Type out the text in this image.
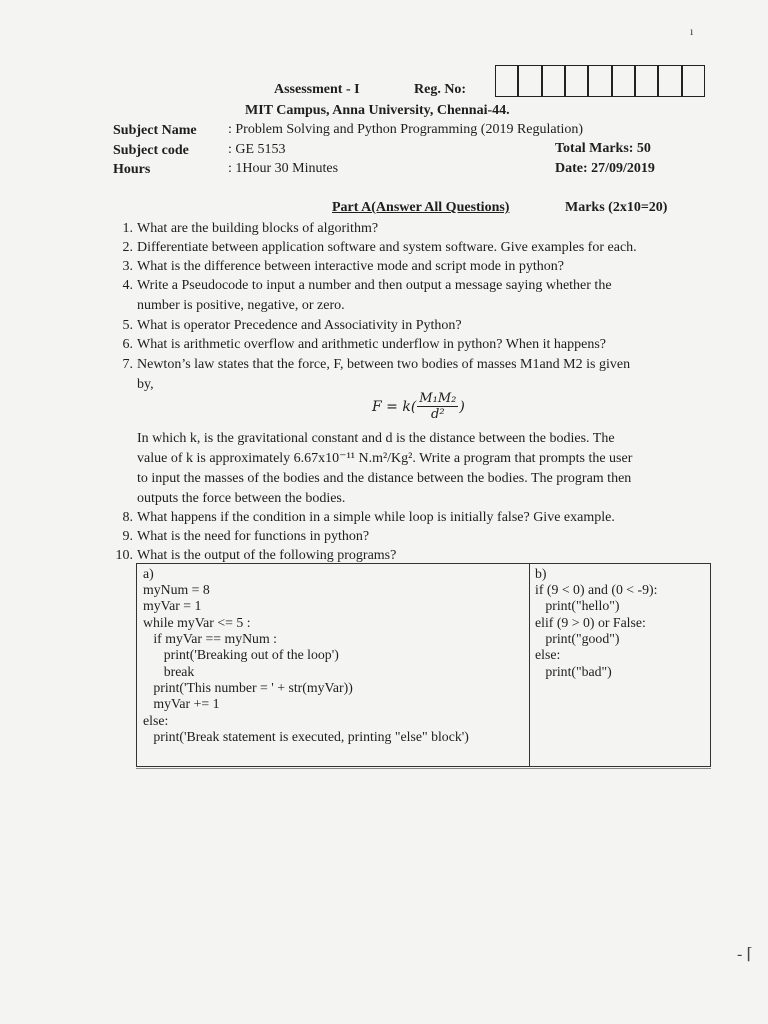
Assessment - I	Reg. No:
MIT Campus, Anna University, Chennai-44.
Subject Name : Problem Solving and Python Programming (2019 Regulation)
Subject code	: GE 5153	Total Marks: 50
Hours	: 1Hour 30 Minutes	Date: 27/09/2019
Part A(Answer All Questions)	Marks (2x10=20)
1. What are the building blocks of algorithm?
2. Differentiate between application software and system software. Give examples for each.
3. What is the difference between interactive mode and script mode in python?
4. Write a Pseudocode to input a number and then output a message saying whether the
number is positive, negative, or zero.
5. What is operator Precedence and Associativity in Python?
6. What is arithmetic overflow and arithmetic underflow in python? When it happens?
7. Newton’s law states that the force, F, between two bodies of masses M1and M2 is given
by,
$F = k( \frac{\text{M₁M₂}}{\text{d²}}$ )
In which k, is the gravitational constant and d is the distance between the bodies. The
value of k is approximately 6.67x10⁻¹¹ N.m²/Kg². Write a program that prompts the user
to input the masses of the bodies and the distance between the bodies. The program then
outputs the force between the bodies.
8. What happens if the condition in a simple while loop is initially false? Give example.
9. What is the need for functions in python?
10. What is the output of the following programs?
a)
myNum = 8
myVar = 1
while myVar <= 5 :
if myVar == myNum :
print('Breaking out of the loop')
break
print('This number = ' + str(myVar))
myVar += 1
else:
print('Break statement is executed, printing "else" block')
b)
if (9 < 0) and (0 < -9):
print("hello")
elif (9 > 0) or False:
print("good")
else:
print("bad")
ı
- ⌈
